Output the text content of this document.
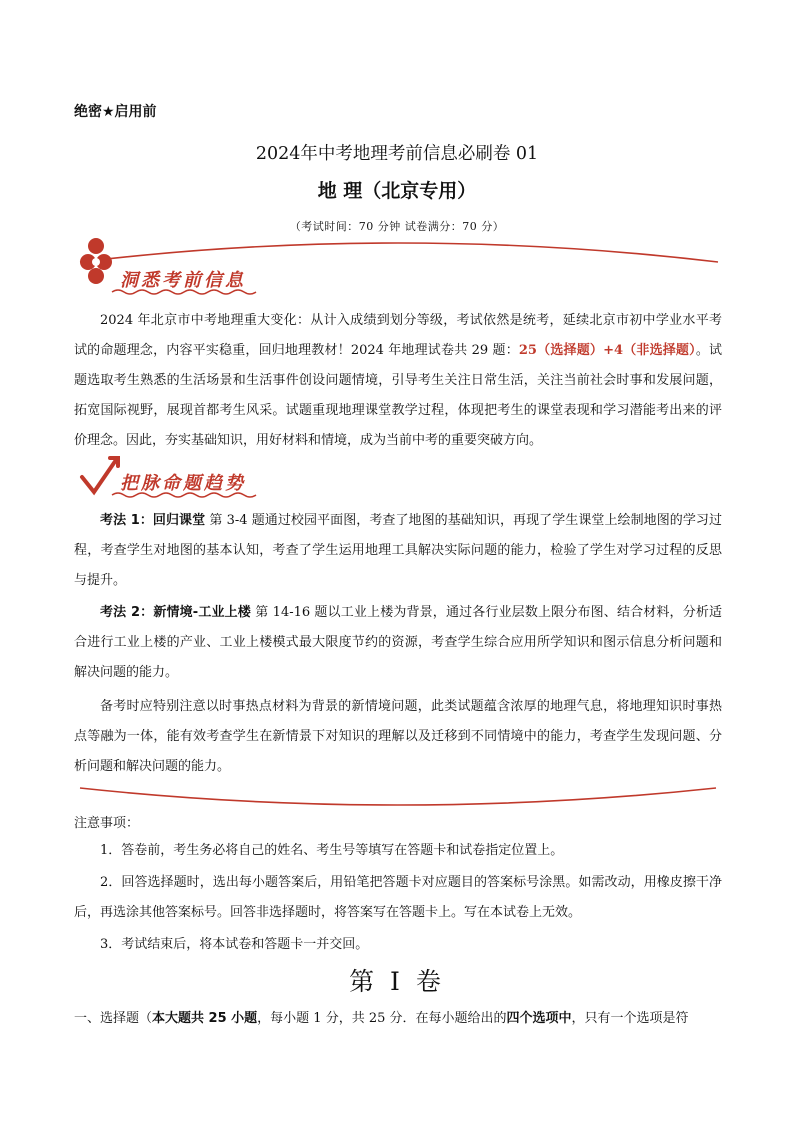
绝密★启用前
2024年中考地理考前信息必刷卷 01
地 理（北京专用）
（考试时间：70 分钟 试卷满分：70 分）
洞悉考前信息

2024 年北京市中考地理重大变化：从计入成绩到划分等级，考试依然是统考，延续北京市初中学业水平考试的命题理念，内容平实稳重，回归地理教材！2024 年地理试卷共 29 题：25（选择题）+4（非选择题）。试题选取考生熟悉的生活场景和生活事件创设问题情境，引导考生关注日常生活，关注当前社会时事和发展问题，拓宽国际视野，展现首都考生风采。试题重现地理课堂教学过程，体现把考生的课堂表现和学习潜能考出来的评价理念。因此，夯实基础知识，用好材料和情境，成为当前中考的重要突破方向。

把脉命题趋势

考法 1：回归课堂 第 3-4 题通过校园平面图，考查了地图的基础知识，再现了学生课堂上绘制地图的学习过程，考查学生对地图的基本认知，考查了学生运用地理工具解决实际问题的能力，检验了学生对学习过程的反思与提升。

考法 2：新情境-工业上楼 第 14-16 题以工业上楼为背景，通过各行业层数上限分布图、结合材料，分析适合进行工业上楼的产业、工业上楼模式最大限度节约的资源，考查学生综合应用所学知识和图示信息分析问题和解决问题的能力。

备考时应特别注意以时事热点材料为背景的新情境问题，此类试题蕴含浓厚的地理气息，将地理知识时事热点等融为一体，能有效考查学生在新情景下对知识的理解以及迁移到不同情境中的能力，考查学生发现问题、分析问题和解决问题的能力。

注意事项：

1．答卷前，考生务必将自己的姓名、考生号等填写在答题卡和试卷指定位置上。

2．回答选择题时，选出每小题答案后，用铅笔把答题卡对应题目的答案标号涂黑。如需改动，用橡皮擦干净后，再选涂其他答案标号。回答非选择题时，将答案写在答题卡上。写在本试卷上无效。

3．考试结束后，将本试卷和答题卡一并交回。

第 I 卷

一、选择题（本大题共 25 小题，每小题 1 分，共 25 分．在每小题给出的四个选项中，只有一个选项是符
